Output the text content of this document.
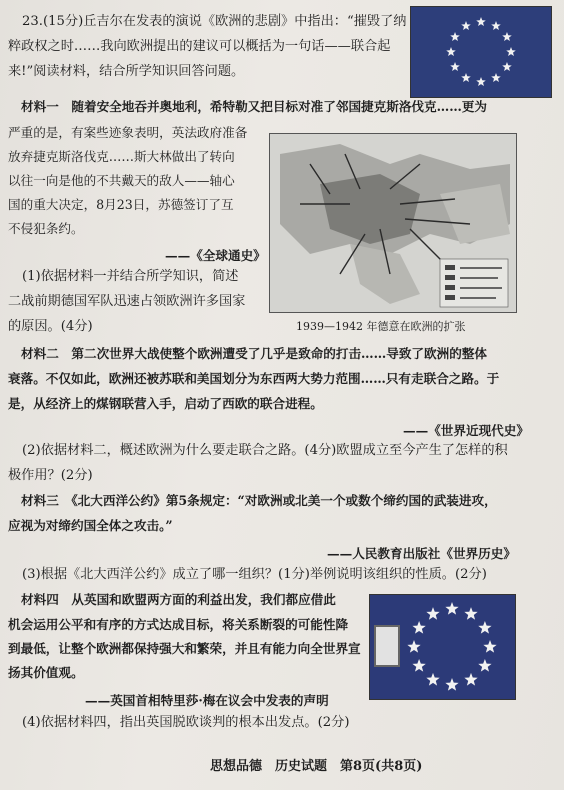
23.(15分)丘吉尔在发表的演说《欧洲的悲剧》中指出：“摧毁了纳
粹政权之时……我向欧洲提出的建议可以概括为一句话——联合起
来!”阅读材料，结合所学知识回答问题。
材料一　随着安全地吞并奥地利，希特勒又把目标对准了邻国捷克斯洛伐克……更为
严重的是，有案些迹象表明，英法政府准备
放弃捷克斯洛伐克……斯大林做出了转向
以往一向是他的不共戴天的敌人——轴心
国的重大决定，8月23日，苏德签订了互
不侵犯条约。
——《全球通史》
1939—1942 年德意在欧洲的扩张
(1)依据材料一并结合所学知识，简述
二战前期德国军队迅速占领欧洲许多国家
的原因。(4分)
材料二　第二次世界大战使整个欧洲遭受了几乎是致命的打击……导致了欧洲的整体
衰落。不仅如此，欧洲还被苏联和美国划分为东西两大势力范围……只有走联合之路。于
是，从经济上的煤钢联营入手，启动了西欧的联合进程。
——《世界近现代史》
(2)依据材料二，概述欧洲为什么要走联合之路。(4分)欧盟成立至今产生了怎样的积
极作用？(2分)
材料三　《北大西洋公约》第5条规定：“对欧洲或北美一个或数个缔约国的武装进攻，
应视为对缔约国全体之攻击。”
——人民教育出版社《世界历史》
(3)根据《北大西洋公约》成立了哪一组织？(1分)举例说明该组织的性质。(2分)
材料四　从英国和欧盟两方面的利益出发，我们都应借此
机会运用公平和有序的方式达成目标，将关系断裂的可能性降
到最低，让整个欧洲都保持强大和繁荣，并且有能力向全世界宣
扬其价值观。
——英国首相特里莎·梅在议会中发表的声明
(4)依据材料四，指出英国脱欧谈判的根本出发点。(2分)
思想品德　历史试题　第8页(共8页)
